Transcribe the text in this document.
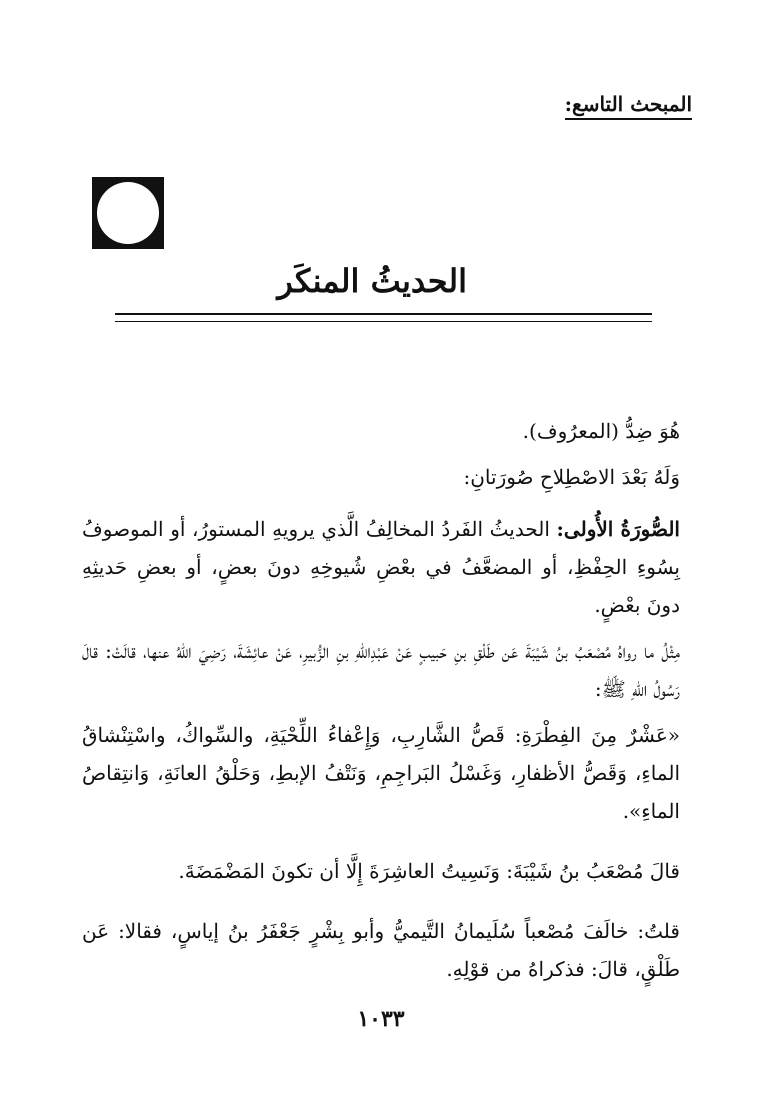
المبحث التاسع:
الحديثُ المنكَر

هُوَ ضِدُّ (المعرُوف).

وَلَهُ بَعْدَ الاصْطِلاحِ صُورَتانِ:

الصُّورَةُ الأُولى: الحديثُ الفَردُ المخالِفُ الَّذي يرويهِ المستورُ، أو الموصوفُ بِسُوءِ الحِفْظِ، أو المضعَّفُ في بعْضِ شُيوخِهِ دونَ بعضٍ، أو بعضِ حَديثِهِ دونَ بعْضٍ.

مِثْلُ ما رواهُ مُصْعَبُ بنُ شَيْبَةَ عَن طَلْقِ بنِ حَبيبٍ عَنْ عَبْدِاللهِ بنِ الزُّبيرِ، عَنْ عائِشَةَ، رَضِيَ اللهُ عنها، قالَتْ: قالَ رَسُولُ اللهِ ﷺ:

«عَشْرٌ مِنَ الفِطْرَةِ: قَصُّ الشَّارِبِ، وَإِعْفاءُ اللِّحْيَةِ، والسِّواكُ، واسْتِنْشاقُ الماءِ، وَقَصُّ الأظفارِ، وَغَسْلُ البَراجِمِ، وَنَتْفُ الإبطِ، وَحَلْقُ العانَةِ، وَانتِقاصُ الماءِ».

قالَ مُصْعَبُ بنُ شَيْبَةَ: وَنَسِيتُ العاشِرَةَ إِلَّا أن تكونَ المَضْمَضَةَ.

قلتُ: خالَفَ مُصْعباً سُلَيمانُ التَّيميُّ وأبو بِشْرٍ جَعْفَرُ بنُ إياسٍ، فقالا: عَن طَلْقٍ، قالَ: فذكراهُ من قوْلِهِ.

١٠٣٣
